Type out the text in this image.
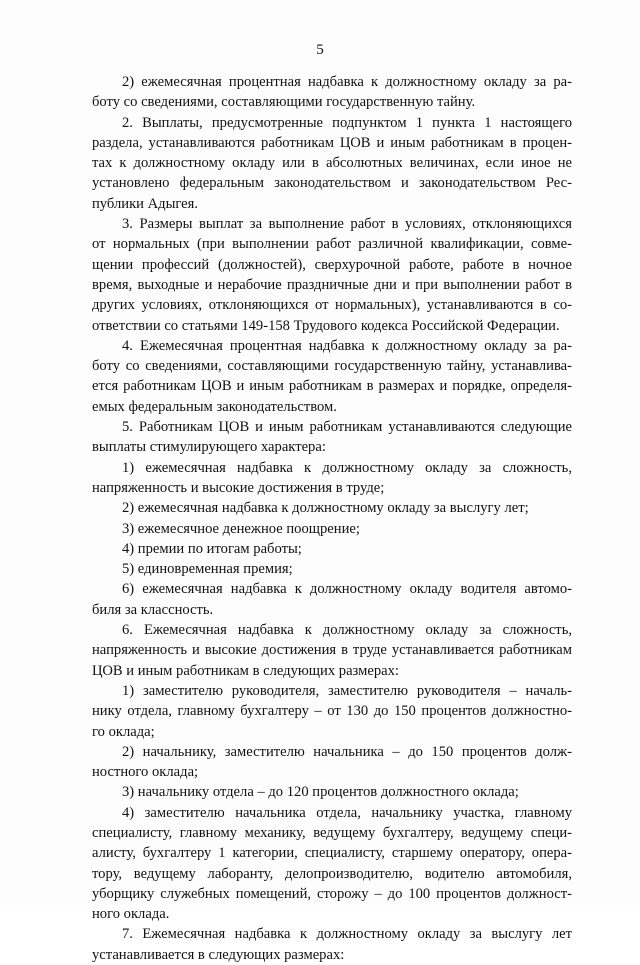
5
2) ежемесячная процентная надбавка к должностному окладу за ра-
боту со сведениями, составляющими государственную тайну.
2. Выплаты, предусмотренные подпунктом 1 пункта 1 настоящего
раздела, устанавливаются работникам ЦОВ и иным работникам в процен-
тах к должностному окладу или в абсолютных величинах, если иное не
установлено федеральным законодательством и законодательством Рес-
публики Адыгея.
3. Размеры выплат за выполнение работ в условиях, отклоняющихся
от нормальных (при выполнении работ различной квалификации, совме-
щении профессий (должностей), сверхурочной работе, работе в ночное
время, выходные и нерабочие праздничные дни и при выполнении работ в
других условиях, отклоняющихся от нормальных), устанавливаются в со-
ответствии со статьями 149-158 Трудового кодекса Российской Федерации.
4. Ежемесячная процентная надбавка к должностному окладу за ра-
боту со сведениями, составляющими государственную тайну, устанавлива-
ется работникам ЦОВ и иным работникам в размерах и порядке, определя-
емых федеральным законодательством.
5. Работникам ЦОВ и иным работникам устанавливаются следующие
выплаты стимулирующего характера:
1) ежемесячная надбавка к должностному окладу за сложность,
напряженность и высокие достижения в труде;
2) ежемесячная надбавка к должностному окладу за выслугу лет;
3) ежемесячное денежное поощрение;
4) премии по итогам работы;
5) единовременная премия;
6) ежемесячная надбавка к должностному окладу водителя автомо-
биля за классность.
6. Ежемесячная надбавка к должностному окладу за сложность,
напряженность и высокие достижения в труде устанавливается работникам
ЦОВ и иным работникам в следующих размерах:
1) заместителю руководителя, заместителю руководителя – началь-
нику отдела, главному бухгалтеру – от 130 до 150 процентов должностно-
го оклада;
2) начальнику, заместителю начальника – до 150 процентов долж-
ностного оклада;
3) начальнику отдела – до 120 процентов должностного оклада;
4) заместителю начальника отдела, начальнику участка, главному
специалисту, главному механику, ведущему бухгалтеру, ведущему специ-
алисту, бухгалтеру 1 категории, специалисту, старшему оператору, опера-
тору, ведущему лаборанту, делопроизводителю, водителю автомобиля,
уборщику служебных помещений, сторожу – до 100 процентов должност-
ного оклада.
7. Ежемесячная надбавка к должностному окладу за выслугу лет
устанавливается в следующих размерах:
